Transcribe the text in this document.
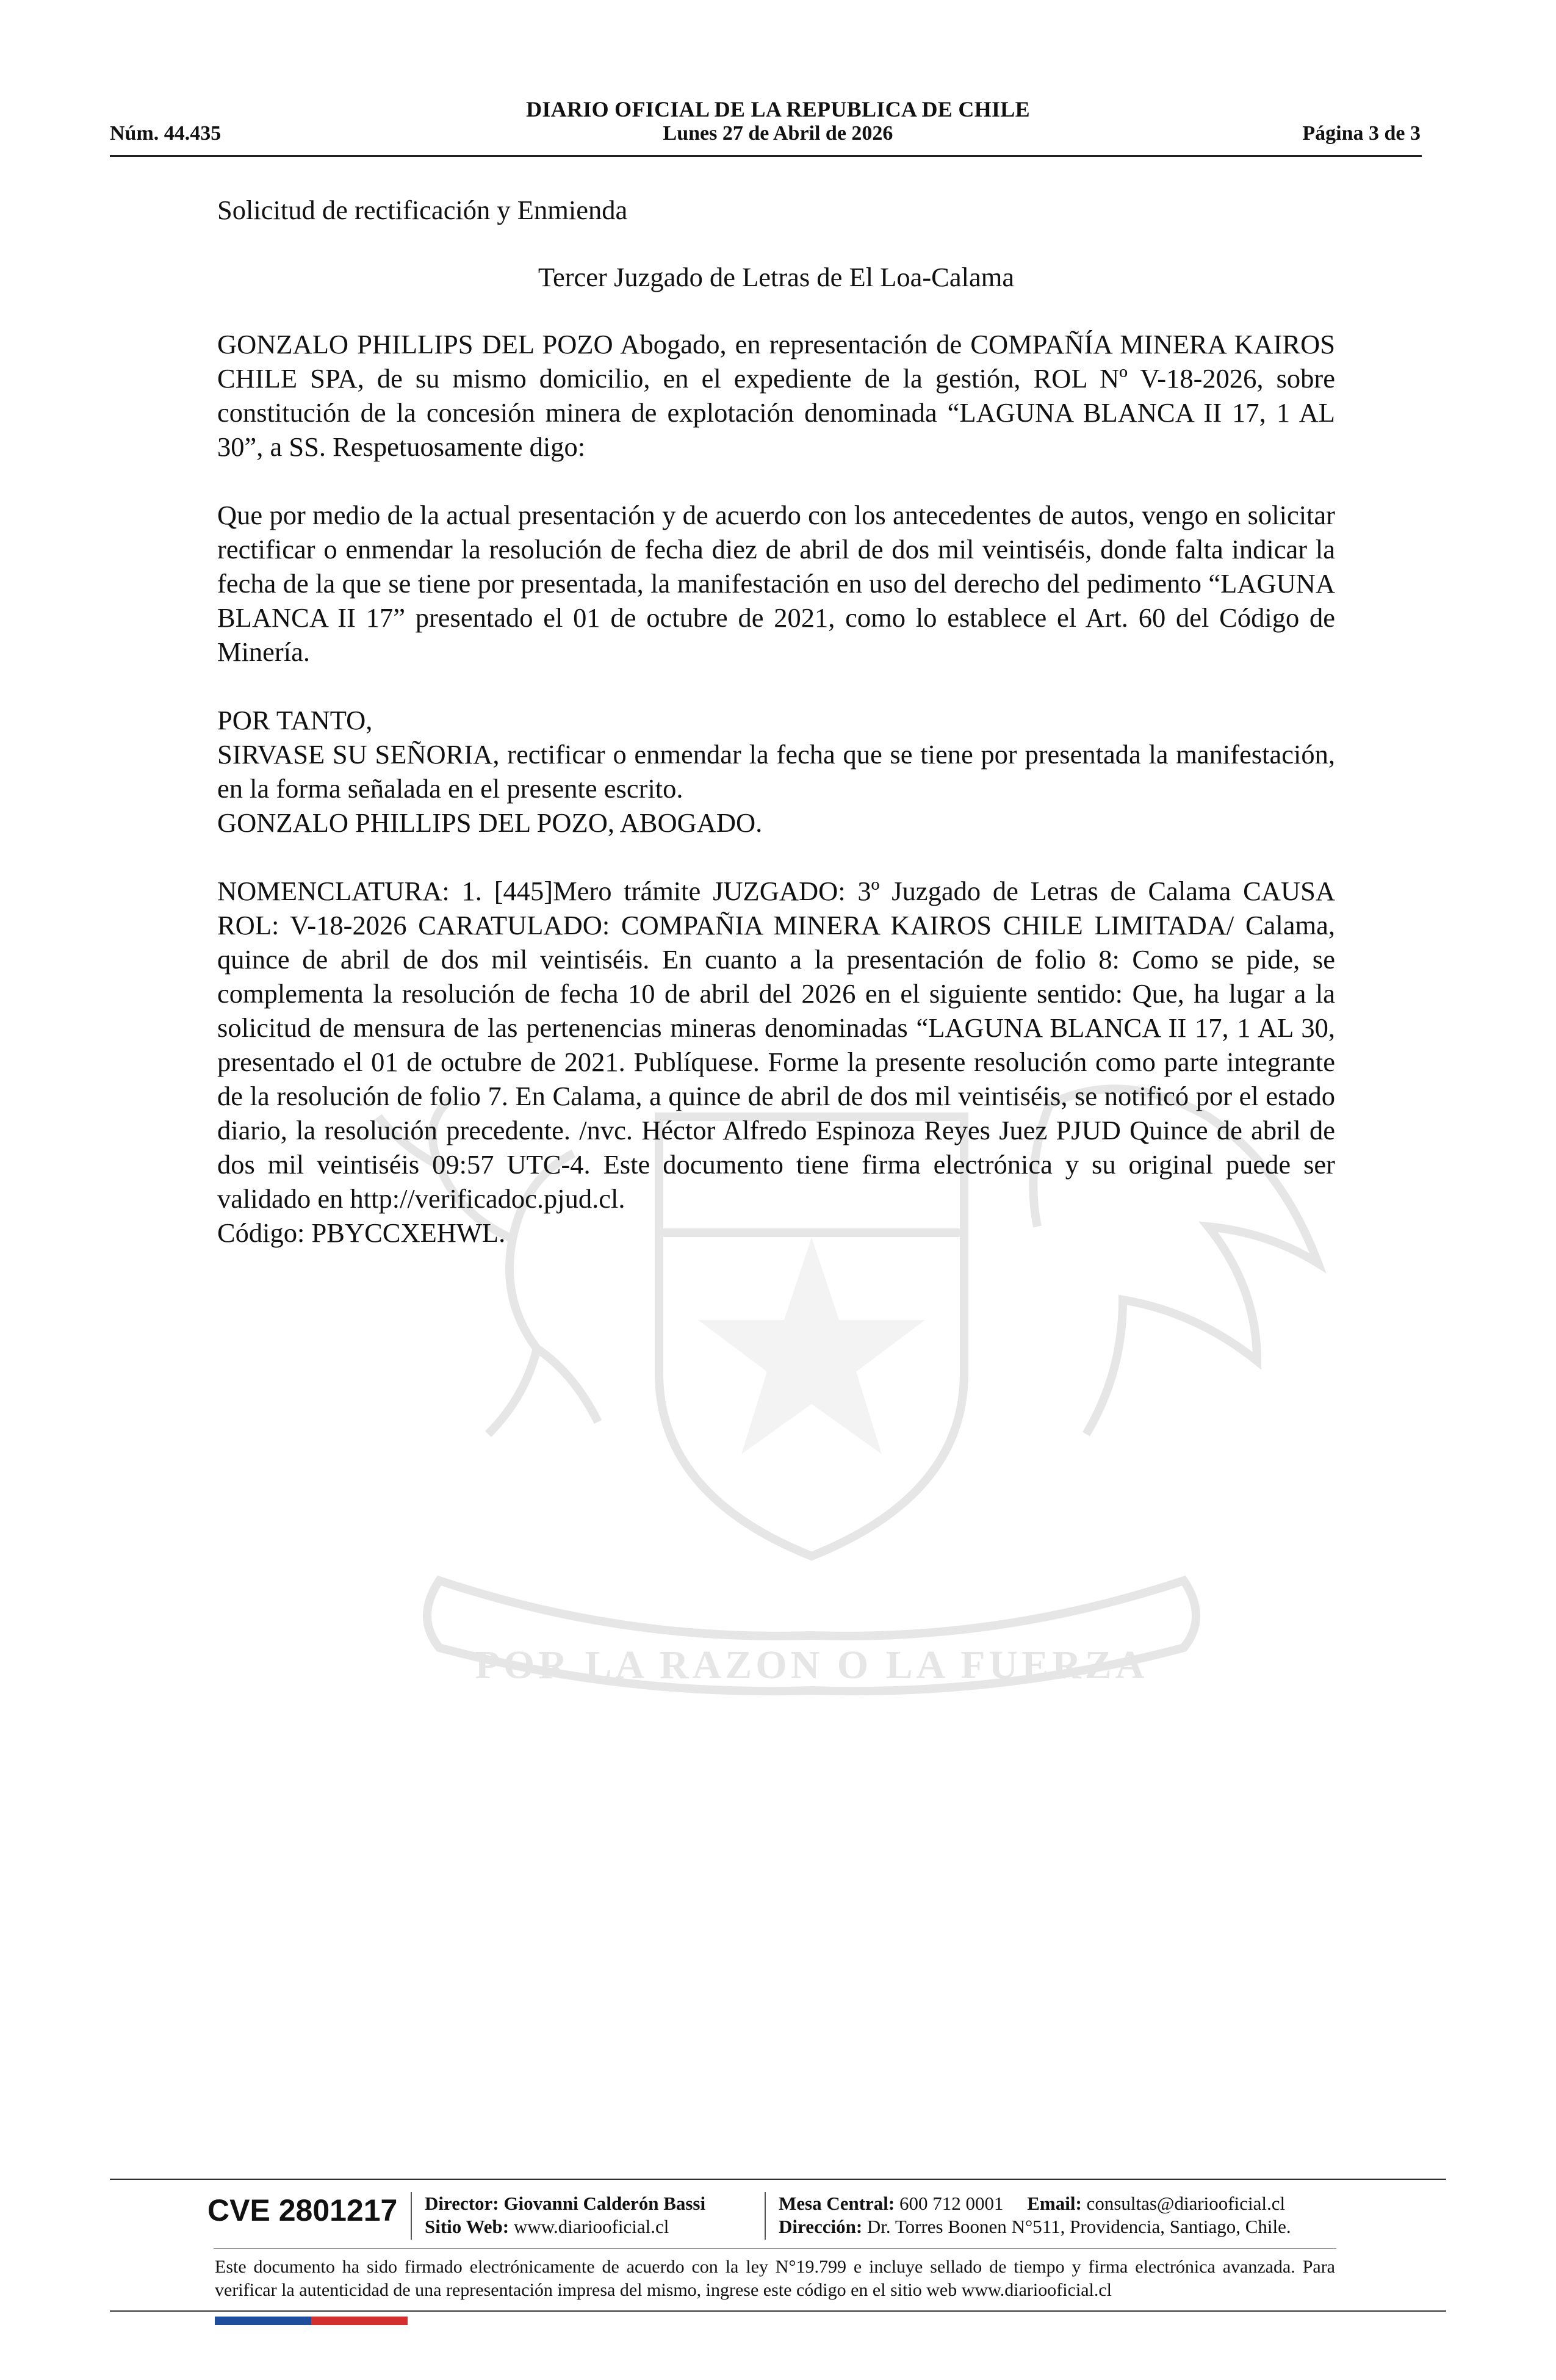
DIARIO OFICIAL DE LA REPUBLICA DE CHILE
Núm. 44.435	Lunes 27 de Abril de 2026	Página 3 de 3
POR LA RAZON O LA FUERZA

Solicitud de rectificación y Enmienda

Tercer Juzgado de Letras de El Loa-Calama

GONZALO PHILLIPS DEL POZO Abogado, en representación de COMPAÑÍA MINERA KAIROS CHILE SPA, de su mismo domicilio, en el expediente de la gestión, ROL Nº V-18-2026, sobre constitución de la concesión minera de explotación denominada “LAGUNA BLANCA II 17, 1 AL 30”, a SS. Respetuosamente digo:

Que por medio de la actual presentación y de acuerdo con los antecedentes de autos, vengo en solicitar rectificar o enmendar la resolución de fecha diez de abril de dos mil veintiséis, donde falta indicar la fecha de la que se tiene por presentada, la manifestación en uso del derecho del pedimento “LAGUNA BLANCA II 17” presentado el 01 de octubre de 2021, como lo establece el Art. 60 del Código de Minería.

POR TANTO,

SIRVASE SU SEÑORIA, rectificar o enmendar la fecha que se tiene por presentada la manifestación, en la forma señalada en el presente escrito.

GONZALO PHILLIPS DEL POZO, ABOGADO.

NOMENCLATURA: 1. [445]Mero trámite JUZGADO: 3º Juzgado de Letras de Calama CAUSA ROL: V-18-2026 CARATULADO: COMPAÑIA MINERA KAIROS CHILE LIMITADA/ Calama, quince de abril de dos mil veintiséis. En cuanto a la presentación de folio 8: Como se pide, se complementa la resolución de fecha 10 de abril del 2026 en el siguiente sentido: Que, ha lugar a la solicitud de mensura de las pertenencias mineras denominadas “LAGUNA BLANCA II 17, 1 AL 30, presentado el 01 de octubre de 2021. Publíquese. Forme la presente resolución como parte integrante de la resolución de folio 7. En Calama, a quince de abril de dos mil veintiséis, se notificó por el estado diario, la resolución precedente. /nvc. Héctor Alfredo Espinoza Reyes Juez PJUD Quince de abril de dos mil veintiséis 09:57 UTC-4. Este documento tiene firma electrónica y su original puede ser validado en http://verificadoc.pjud.cl.

Código: PBYCCXEHWL.

CVE 2801217 Director: Giovanni Calderón Bassi
Sitio Web: www.diariooficial.cl
Mesa Central: 600 712 0001 Email: consultas@diariooficial.cl
Dirección: Dr. Torres Boonen N°511, Providencia, Santiago, Chile.
Este documento ha sido firmado electrónicamente de acuerdo con la ley N°19.799 e incluye sellado de tiempo y firma electrónica avanzada. Para verificar la autenticidad de una representación impresa del mismo, ingrese este código en el sitio web www.diariooficial.cl
